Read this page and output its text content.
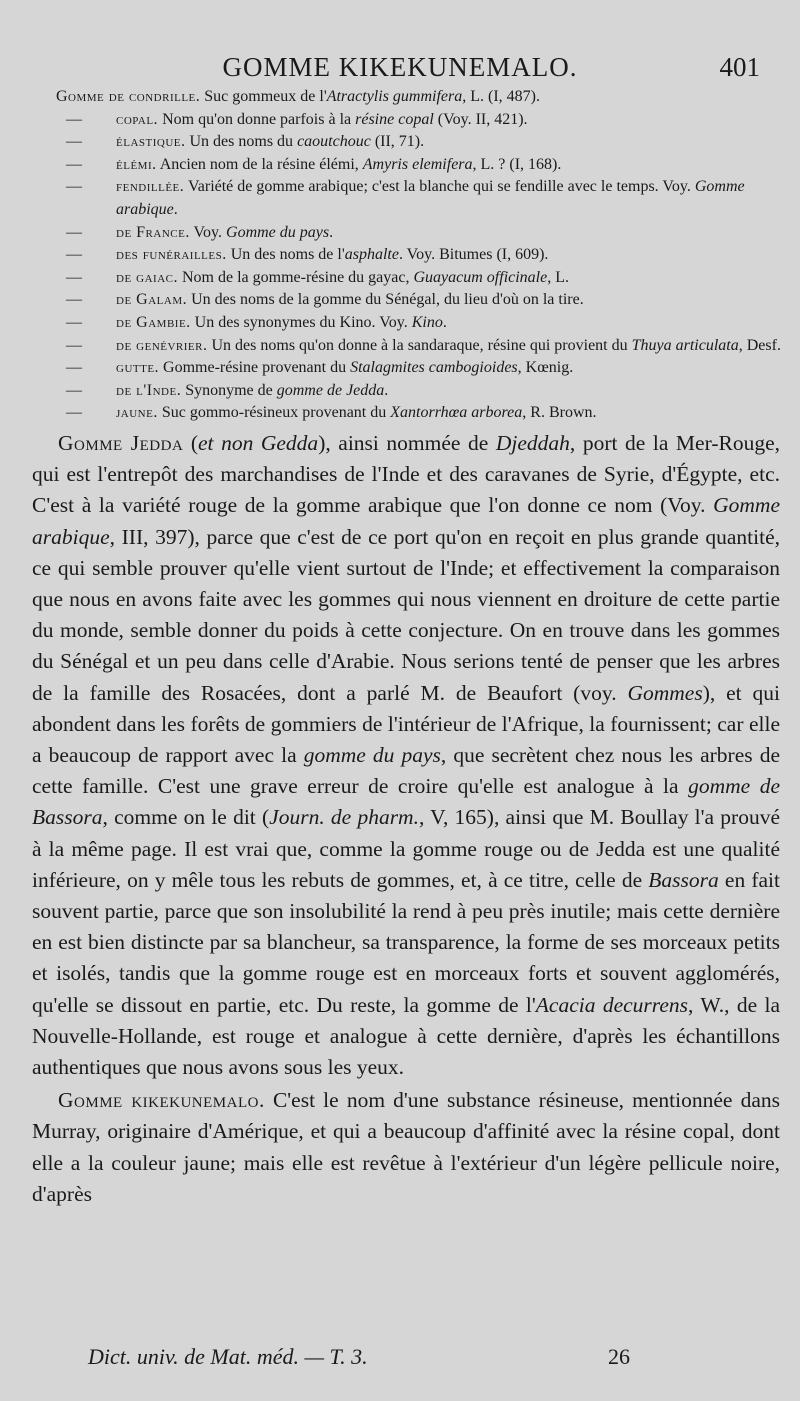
GOMME KIKEKUNEMALO.	401
Gomme de condrille. Suc gommeux de l'Atractylis gummifera, L. (I, 487).
—	copal. Nom qu'on donne parfois à la résine copal (Voy. II, 421).
—	élastique. Un des noms du caoutchouc (II, 71).
—	élémi. Ancien nom de la résine élémi, Amyris elemifera, L. ? (I, 168).
—	fendillée. Variété de gomme arabique; c'est la blanche qui se fendille avec le temps. Voy. Gomme arabique.
—	de France. Voy. Gomme du pays.
—	des funérailles. Un des noms de l'asphalte. Voy. Bitumes (I, 609).
—	de gaiac. Nom de la gomme-résine du gayac, Guayacum officinale, L.
—	de Galam. Un des noms de la gomme du Sénégal, du lieu d'où on la tire.
—	de Gambie. Un des synonymes du Kino. Voy. Kino.
—	de genévrier. Un des noms qu'on donne à la sandaraque, résine qui provient du Thuya articulata, Desf.
—	gutte. Gomme-résine provenant du Stalagmites cambogioides, Kœnig.
—	de l'Inde. Synonyme de gomme de Jedda.
—	jaune. Suc gommo-résineux provenant du Xantorrhœa arborea, R. Brown.

Gomme Jedda (et non Gedda), ainsi nommée de Djeddah, port de la Mer-Rouge, qui est l'entrepôt des marchandises de l'Inde et des caravanes de Syrie, d'Égypte, etc. C'est à la variété rouge de la gomme arabique que l'on donne ce nom (Voy. Gomme arabique, III, 397), parce que c'est de ce port qu'on en reçoit en plus grande quantité, ce qui semble prouver qu'elle vient surtout de l'Inde; et effectivement la comparaison que nous en avons faite avec les gommes qui nous viennent en droiture de cette partie du monde, semble donner du poids à cette conjecture. On en trouve dans les gommes du Sénégal et un peu dans celle d'Arabie. Nous serions tenté de penser que les arbres de la famille des Rosacées, dont a parlé M. de Beaufort (voy. Gommes), et qui abondent dans les forêts de gommiers de l'intérieur de l'Afrique, la fournissent; car elle a beaucoup de rapport avec la gomme du pays, que secrètent chez nous les arbres de cette famille. C'est une grave erreur de croire qu'elle est analogue à la gomme de Bassora, comme on le dit (Journ. de pharm., V, 165), ainsi que M. Boullay l'a prouvé à la même page. Il est vrai que, comme la gomme rouge ou de Jedda est une qualité inférieure, on y mêle tous les rebuts de gommes, et, à ce titre, celle de Bassora en fait souvent partie, parce que son insolubilité la rend à peu près inutile; mais cette dernière en est bien distincte par sa blancheur, sa transparence, la forme de ses morceaux petits et isolés, tandis que la gomme rouge est en morceaux forts et souvent agglomérés, qu'elle se dissout en partie, etc. Du reste, la gomme de l'Acacia decurrens, W., de la Nouvelle-Hollande, est rouge et analogue à cette dernière, d'après les échantillons authentiques que nous avons sous les yeux.

Gomme kikekunemalo. C'est le nom d'une substance résineuse, mentionnée dans Murray, originaire d'Amérique, et qui a beaucoup d'affinité avec la résine copal, dont elle a la couleur jaune; mais elle est revêtue à l'extérieur d'un légère pellicule noire, d'après

Dict. univ. de Mat. méd. — T. 3.	26
